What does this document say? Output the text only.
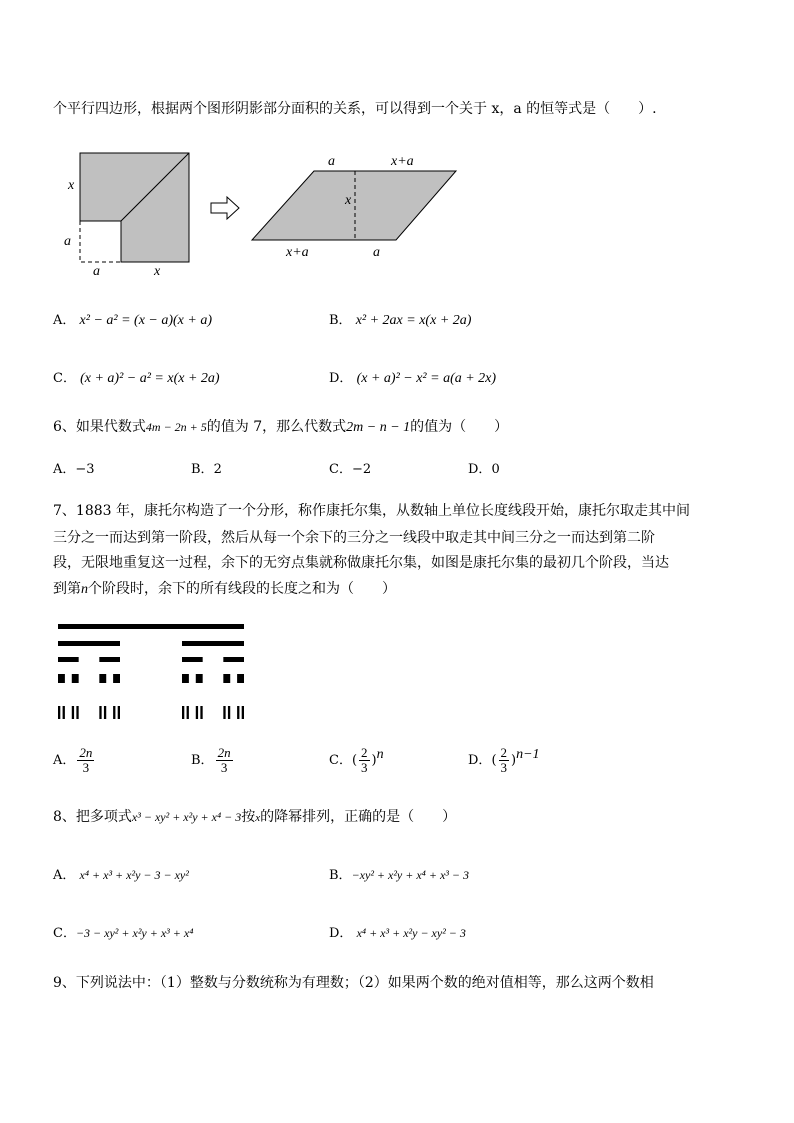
个平行四边形，根据两个图形阴影部分面积的关系，可以得到一个关于 x，a 的恒等式是（　　）.
x
a
a	x
a	x+a
x
x+a	a
A． x² − a² = (x − a)(x + a)	B． x² + 2ax = x(x + 2a)
C． (x + a)² − a² = x(x + 2a)	D． (x + a)² − x² = a(a + 2x)
6、如果代数式4m − 2n + 5的值为 7，那么代数式2m − n − 1的值为（　　）
A．−3	B．2	C．−2	D．0
7、1883 年，康托尔构造了一个分形，称作康托尔集，从数轴上单位长度线段开始，康托尔取走其中间
三分之一而达到第一阶段，然后从每一个余下的三分之一线段中取走其中间三分之一而达到第二阶
段，无限地重复这一过程，余下的无穷点集就称做康托尔集，如图是康托尔集的最初几个阶段，当达
到第n个阶段时，余下的所有线段的长度之和为（　　）
A． $\frac{2n}{3}$	B． $\frac{2n}{3}$	C．( $\frac{2}{3} )^n$	D．( $\frac{2}{3} )^{n-1}$
8、把多项式x³ − xy² + x²y + x⁴ − 3按x的降幂排列，正确的是（　　）
A． x⁴ + x³ + x²y − 3 − xy²	B．−xy² + x²y + x⁴ + x³ − 3
C．−3 − xy² + x²y + x³ + x⁴	D． x⁴ + x³ + x²y − xy² − 3
9、下列说法中：（1）整数与分数统称为有理数；（2）如果两个数的绝对值相等，那么这两个数相
